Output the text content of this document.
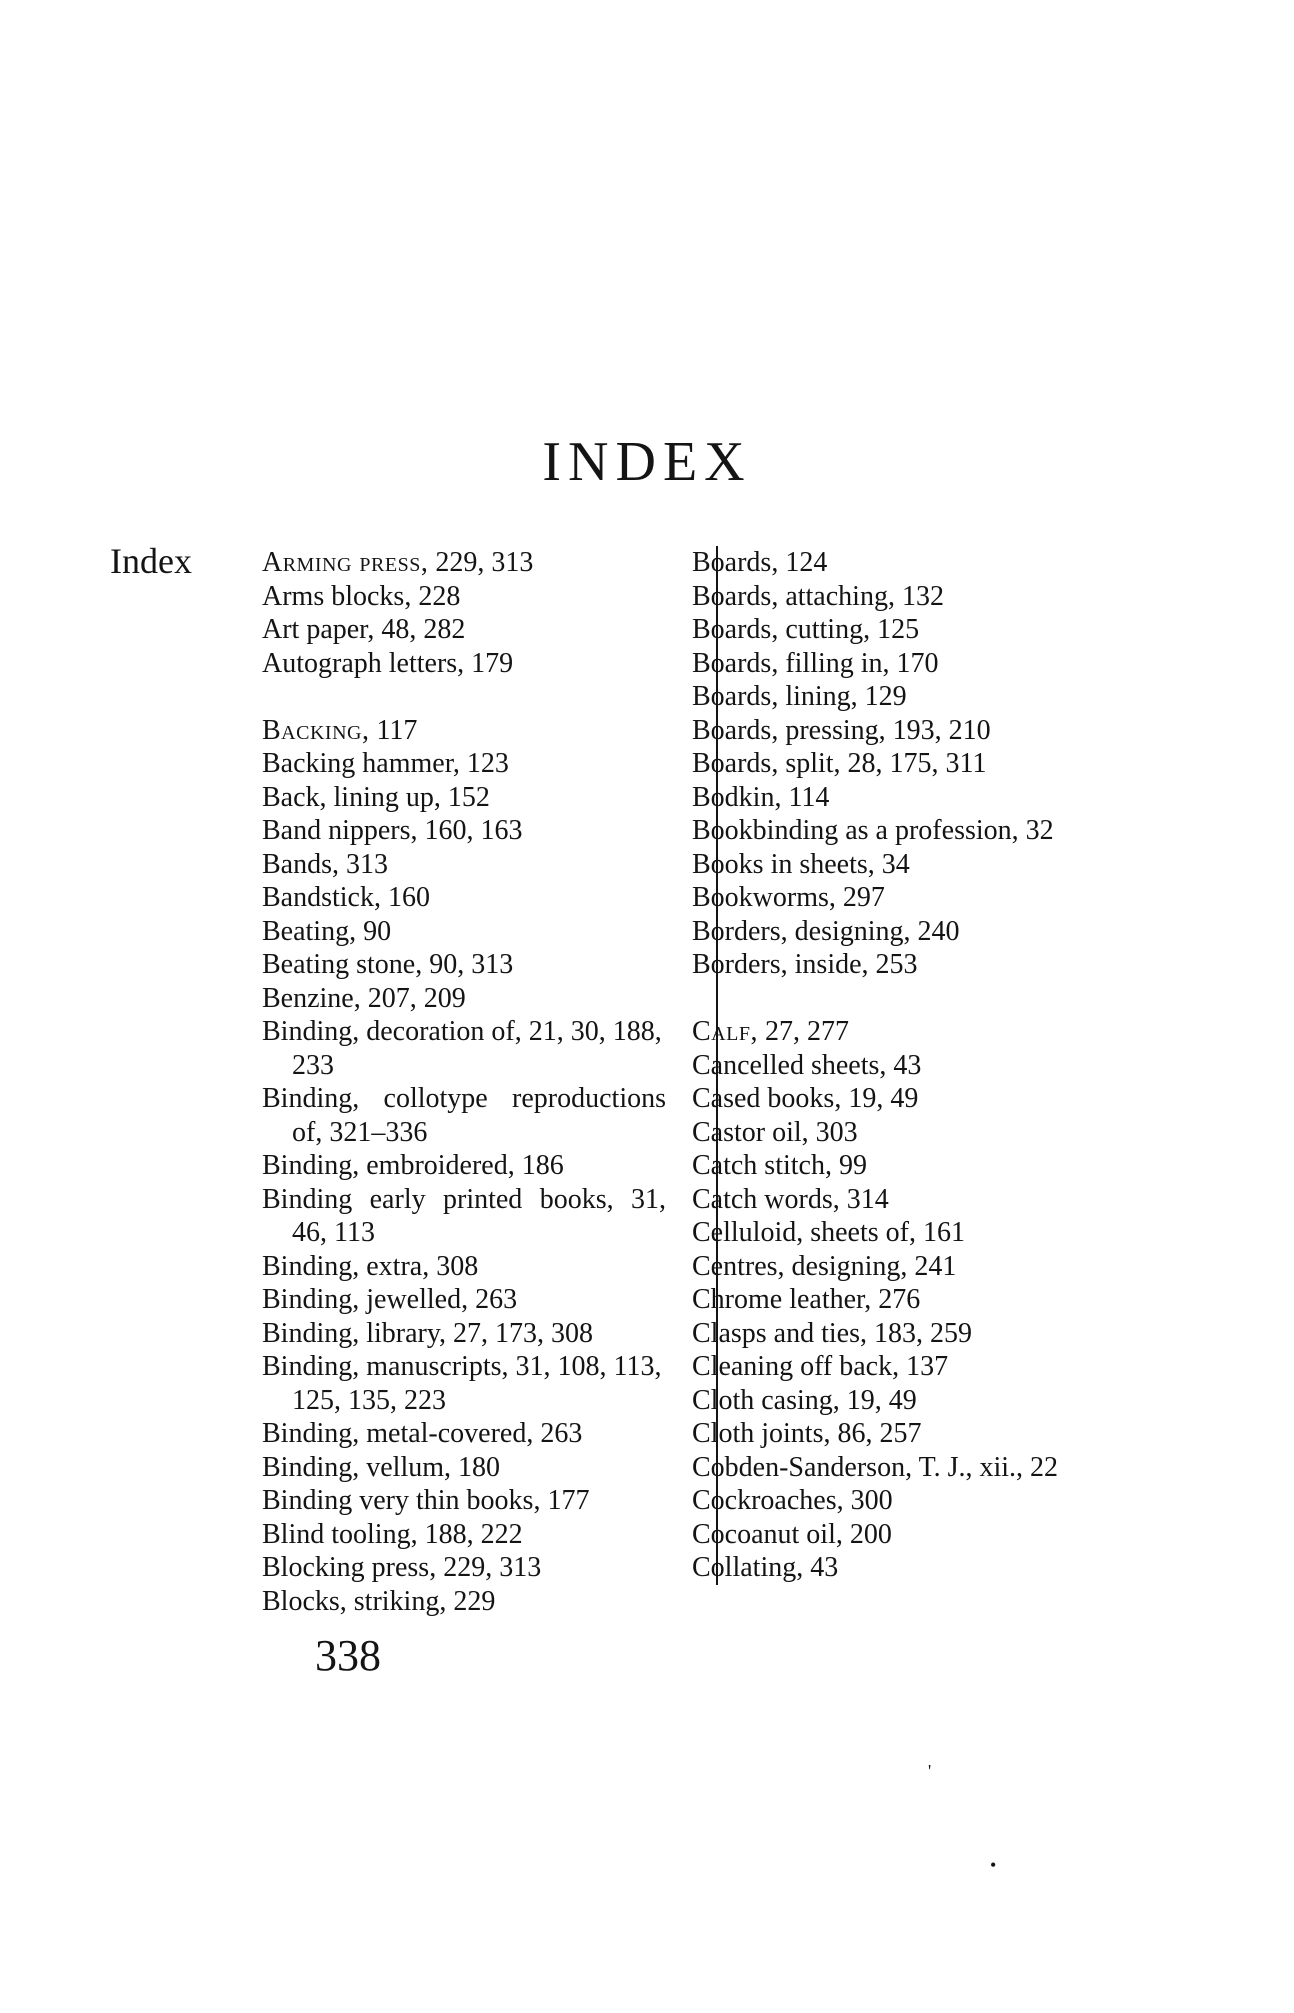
INDEX
Index	Arming press, 229, 313
Arms blocks, 228
Art paper, 48, 282
Autograph letters, 179
Backing, 117
Backing hammer, 123
Back, lining up, 152
Band nippers, 160, 163
Bands, 313
Bandstick, 160
Beating, 90
Beating stone, 90, 313
Benzine, 207, 209
Binding, decoration of, 21, 30, 188, 233
Binding, collotype reproductions of, 321–336
Binding, embroidered, 186
Binding early printed books, 31, 46, 113
Binding, extra, 308
Binding, jewelled, 263
Binding, library, 27, 173, 308
Binding, manuscripts, 31, 108, 113, 125, 135, 223
Binding, metal-covered, 263
Binding, vellum, 180
Binding very thin books, 177
Blind tooling, 188, 222
Blocking press, 229, 313
Blocks, striking, 229
Boards, 124
Boards, attaching, 132
Boards, cutting, 125
Boards, filling in, 170
Boards, lining, 129
Boards, pressing, 193, 210
Boards, split, 28, 175, 311
Bodkin, 114
Bookbinding as a profession, 32
Books in sheets, 34
Bookworms, 297
Borders, designing, 240
Borders, inside, 253
Calf, 27, 277
Cancelled sheets, 43
Cased books, 19, 49
Castor oil, 303
Catch stitch, 99
Catch words, 314
Celluloid, sheets of, 161
Centres, designing, 241
Chrome leather, 276
Clasps and ties, 183, 259
Cleaning off back, 137
Cloth casing, 19, 49
Cloth joints, 86, 257
Cobden-Sanderson, T. J., xii., 22
Cockroaches, 300
Cocoanut oil, 200
Collating, 43
338
'
•
